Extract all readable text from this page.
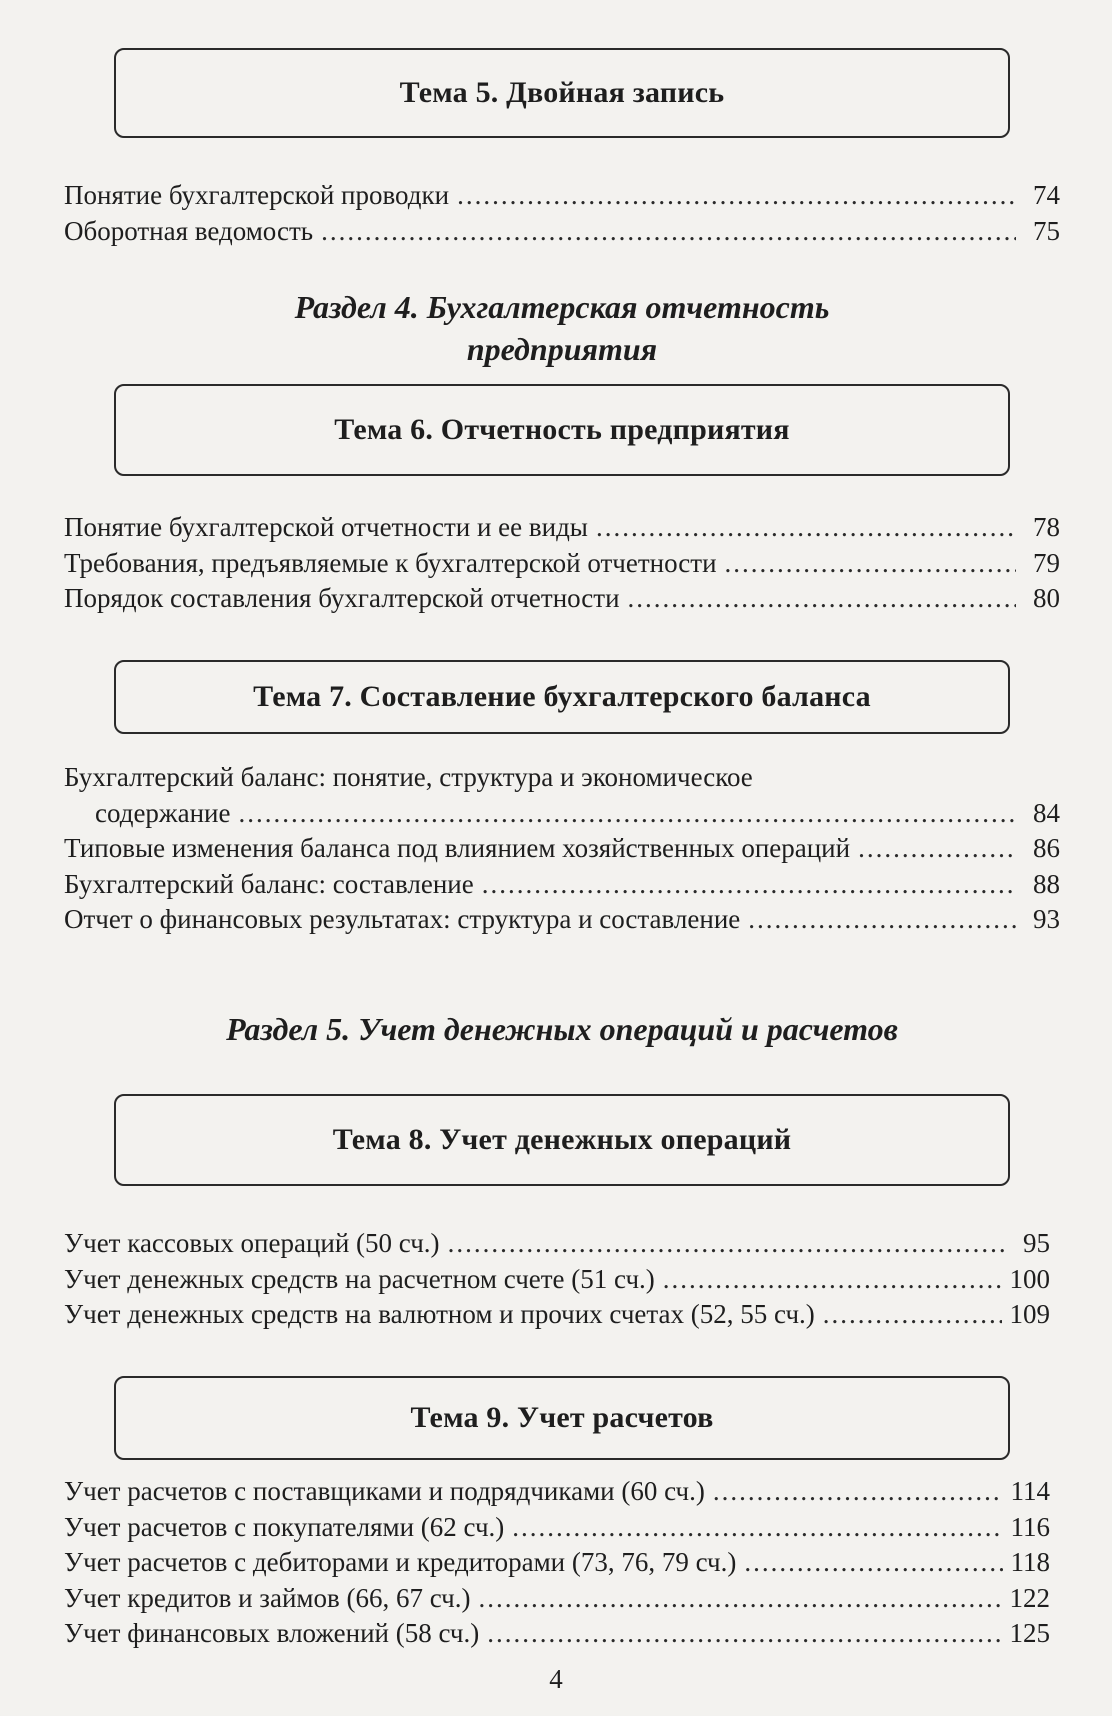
Тема 5. Двойная запись
Понятие бухгалтерской проводки .....	74
Оборотная ведомость .....	75
Раздел 4. Бухгалтерская отчетность
предприятия
Тема 6. Отчетность предприятия
Понятие бухгалтерской отчетности и ее виды .....	78
Требования, предъявляемые к бухгалтерской отчетности .....	79
Порядок составления бухгалтерской отчетности .....	80
Тема 7. Составление бухгалтерского баланса
Бухгалтерский баланс: понятие, структура и экономическое
содержание .....	84
Типовые изменения баланса под влиянием хозяйственных операций .....	86
Бухгалтерский баланс: составление .....	88
Отчет о финансовых результатах: структура и составление .....	93
Раздел 5. Учет денежных операций и расчетов
Тема 8. Учет денежных операций
Учет кассовых операций (50 сч.) .....	95
Учет денежных средств на расчетном счете (51 сч.) .....	100
Учет денежных средств на валютном и прочих счетах (52, 55 сч.) .....	109
Тема 9. Учет расчетов
Учет расчетов с поставщиками и подрядчиками (60 сч.) .....	114
Учет расчетов с покупателями (62 сч.) .....	116
Учет расчетов с дебиторами и кредиторами (73, 76, 79 сч.) .....	118
Учет кредитов и займов (66, 67 сч.) .....	122
Учет финансовых вложений (58 сч.) .....	125
4
